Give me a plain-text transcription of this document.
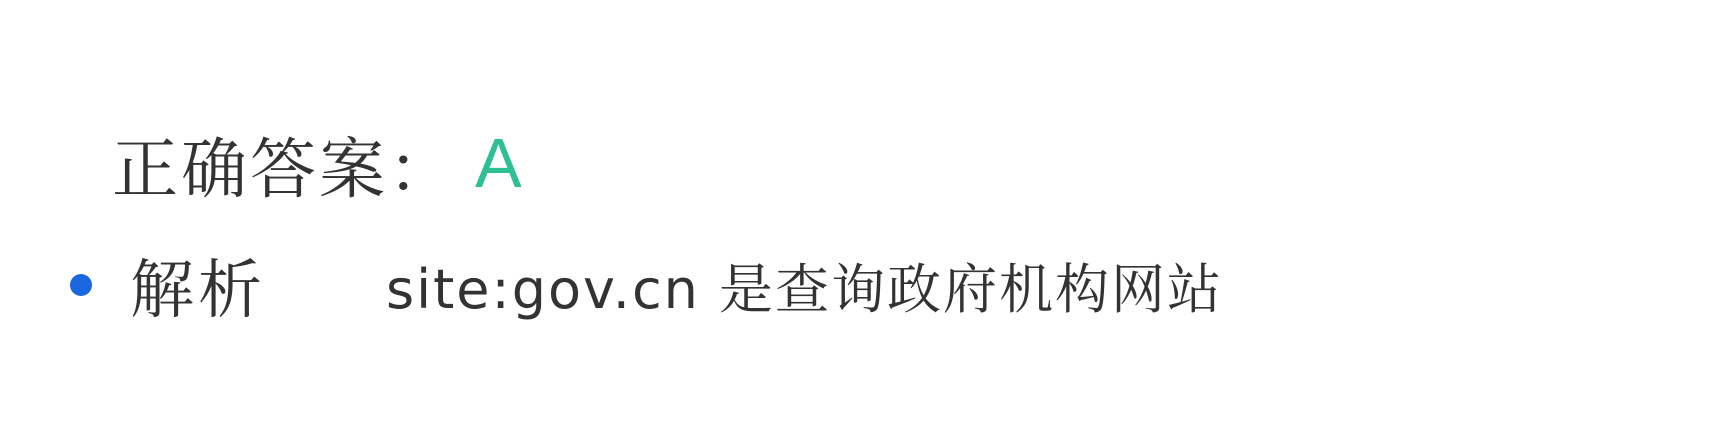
正确答案： A
解析 site:gov.cn 是查询政府机构网站
